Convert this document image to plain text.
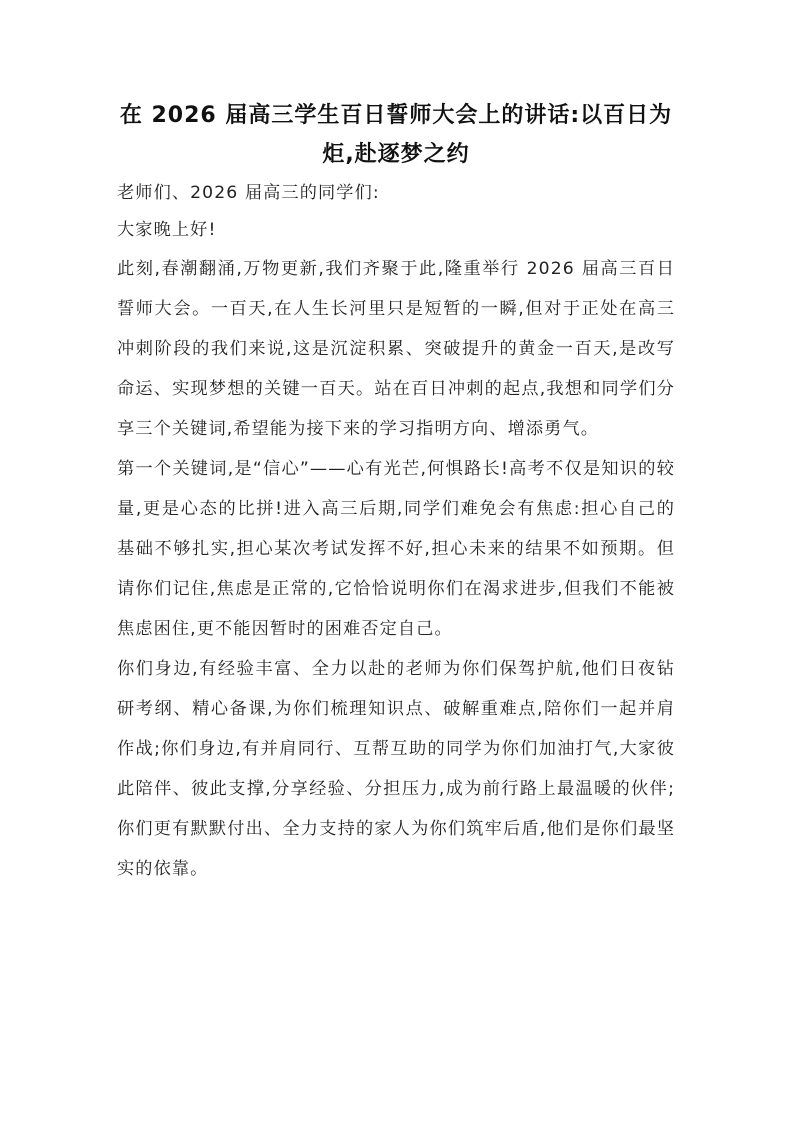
在 2026 届高三学生百日誓师大会上的讲话:以百日为
炬,赴逐梦之约

老师们、2026 届高三的同学们:

大家晚上好!

此刻,春潮翻涌,万物更新,我们齐聚于此,隆重举行 2026 届高三百日誓师大会。一百天,在人生长河里只是短暂的一瞬,但对于正处在高三冲刺阶段的我们来说,这是沉淀积累、突破提升的黄金一百天,是改写命运、实现梦想的关键一百天。站在百日冲刺的起点,我想和同学们分享三个关键词,希望能为接下来的学习指明方向、增添勇气。

第一个关键词,是“信心”——心有光芒,何惧路长!高考不仅是知识的较量,更是心态的比拼!进入高三后期,同学们难免会有焦虑:担心自己的基础不够扎实,担心某次考试发挥不好,担心未来的结果不如预期。但请你们记住,焦虑是正常的,它恰恰说明你们在渴求进步,但我们不能被焦虑困住,更不能因暂时的困难否定自己。

你们身边,有经验丰富、全力以赴的老师为你们保驾护航,他们日夜钻研考纲、精心备课,为你们梳理知识点、破解重难点,陪你们一起并肩作战;你们身边,有并肩同行、互帮互助的同学为你们加油打气,大家彼此陪伴、彼此支撑,分享经验、分担压力,成为前行路上最温暖的伙伴;你们更有默默付出、全力支持的家人为你们筑牢后盾,他们是你们最坚实的依靠。
